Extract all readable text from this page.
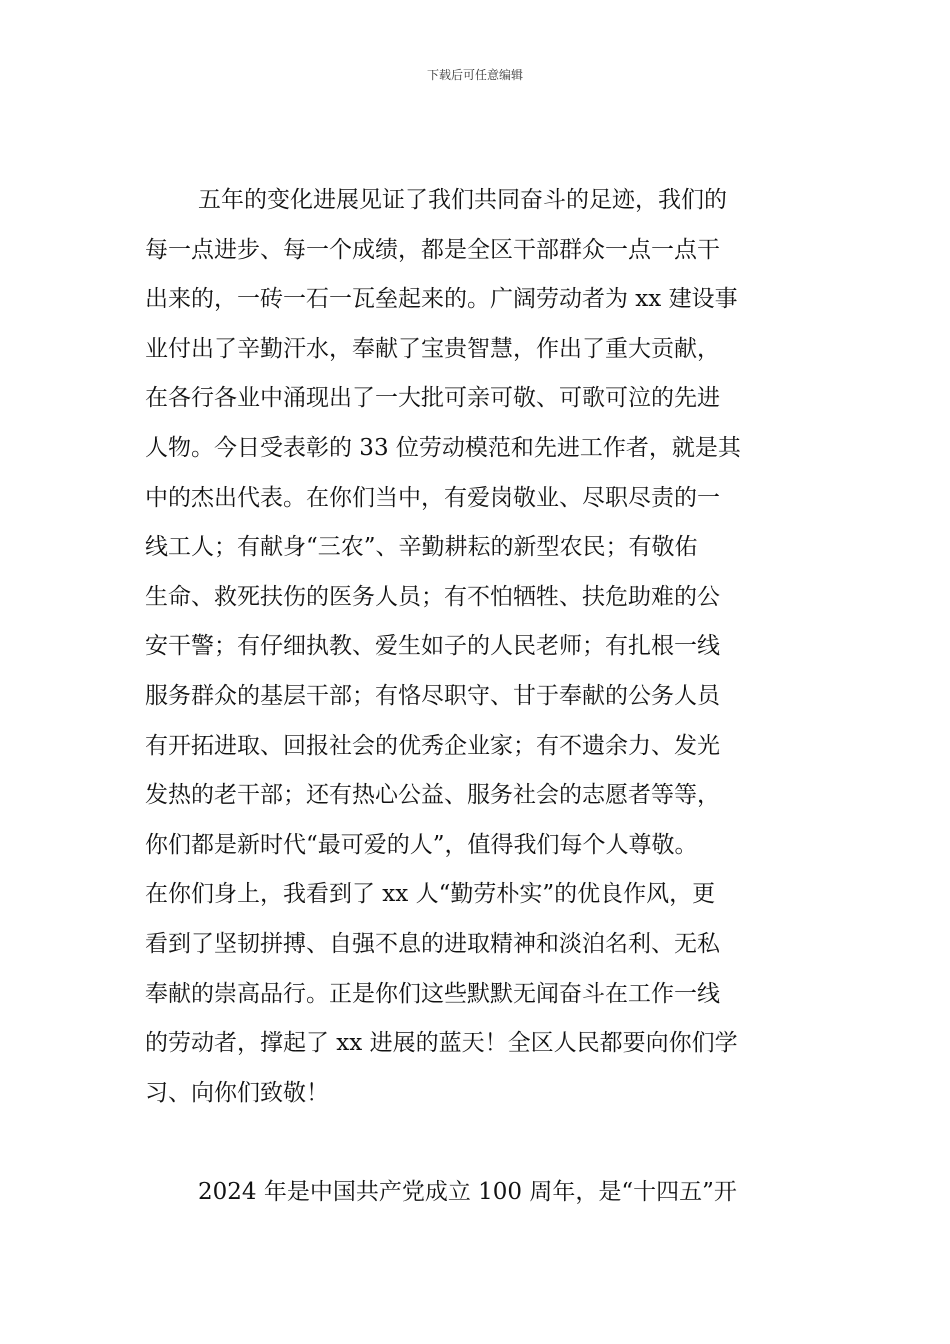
下载后可任意编辑
五年的变化进展见证了我们共同奋斗的足迹，我们的
每一点进步、每一个成绩，都是全区干部群众一点一点干
出来的，一砖一石一瓦垒起来的。广阔劳动者为 xx 建设事
业付出了辛勤汗水，奉献了宝贵智慧，作出了重大贡献，
在各行各业中涌现出了一大批可亲可敬、可歌可泣的先进
人物。今日受表彰的 33 位劳动模范和先进工作者，就是其
中的杰出代表。在你们当中，有爱岗敬业、尽职尽责的一
线工人；有献身“三农”、辛勤耕耘的新型农民；有敬佑
生命、救死扶伤的医务人员；有不怕牺牲、扶危助难的公
安干警；有仔细执教、爱生如子的人民老师；有扎根一线
服务群众的基层干部；有恪尽职守、甘于奉献的公务人员
有开拓进取、回报社会的优秀企业家；有不遗余力、发光
发热的老干部；还有热心公益、服务社会的志愿者等等，
你们都是新时代“最可爱的人”，值得我们每个人尊敬。
在你们身上，我看到了 xx 人“勤劳朴实”的优良作风，更
看到了坚韧拼搏、自强不息的进取精神和淡泊名利、无私
奉献的崇高品行。正是你们这些默默无闻奋斗在工作一线
的劳动者，撑起了 xx 进展的蓝天！全区人民都要向你们学
习、向你们致敬！
2024 年是中国共产党成立 100 周年，是“十四五”开
